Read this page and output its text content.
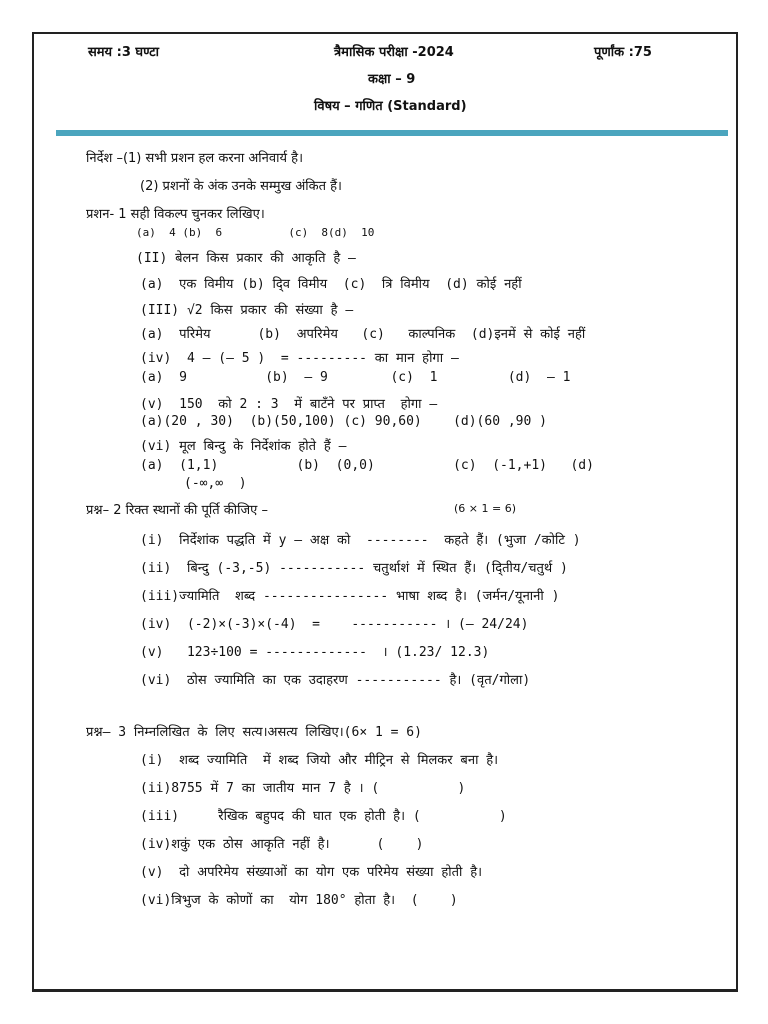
समय :3 घण्टा	त्रैमासिक परीक्षा -2024	पूर्णांक :75
कक्षा – 9
विषय – गणित (Standard)
निर्देश –(1) सभी प्रशन हल करना अनिवार्य है।
(2) प्रशनों के अंक उनके सम्मुख अंकित हैं।
प्रशन- 1 सही विकल्प चुनकर लिखिए।
(a)  4 (b)  6          (c)  8(d)  10
(II) बेलन किस प्रकार की आकृति है –
(a)  एक विमीय (b) दि्व विमीय  (c)  त्रि विमीय  (d) कोई नहीं
(III) √2 किस प्रकार की संख्या है –
(a)  परिमेय      (b)  अपरिमेय   (c)   काल्पनिक  (d)इनमें से कोई नहीं
(iv)  4 – (– 5 )  = --------- का मान होगा –
(a)  9          (b)  – 9        (c)  1         (d)  – 1
(v)  150  को 2 : 3  में बाटँने पर प्राप्त  होगा –
(a)(20 , 30)  (b)(50,100) (c) 90,60)    (d)(60 ,90 )
(vi) मूल बिन्दु के निर्देशांक होते हैं –
(a)  (1,1)          (b)  (0,0)          (c)  (-1,+1)   (d)
(-∞,∞  )
प्रश्न– 2 रिक्त स्थानों की पूर्ति कीजिए –	(6 × 1 = 6)
(i)  निर्देशांक पद्धति में y – अक्ष को  --------  कहते हैं। (भुजा /कोटि )
(ii)  बिन्दु (-3,-5) ----------- चतुर्थाशं में स्थित हैं। (दि्तीय/चतुर्थ )
(iii)ज्यामिति  शब्द ---------------- भाषा शब्द है। (जर्मन/यूनानी )
(iv)  (-2)×(-3)×(-4)  =    ----------- । (– 24/24)
(v)   123÷100 = -------------  । (1.23/ 12.3)
(vi)  ठोस ज्यामिति का एक उदाहरण ----------- है। (वृत/गोला)
प्रश्न– 3 निम्नलिखित के लिए सत्य।असत्य लिखिए।(6× 1 = 6)
(i)  शब्द ज्यामिति  में शब्द जियो और मीट्रिन से मिलकर बना है।
(ii)8755 में 7 का जातीय मान 7 है । (          )
(iii)     रैखिक बहुपद की घात एक होती है। (          )
(iv)शकुं एक ठोस आकृति नहीं है।      (    )
(v)  दो अपरिमेय संख्याओं का योग एक परिमेय संख्या होती है।
(vi)त्रिभुज के कोणों का  योग 180° होता है।  (    )
